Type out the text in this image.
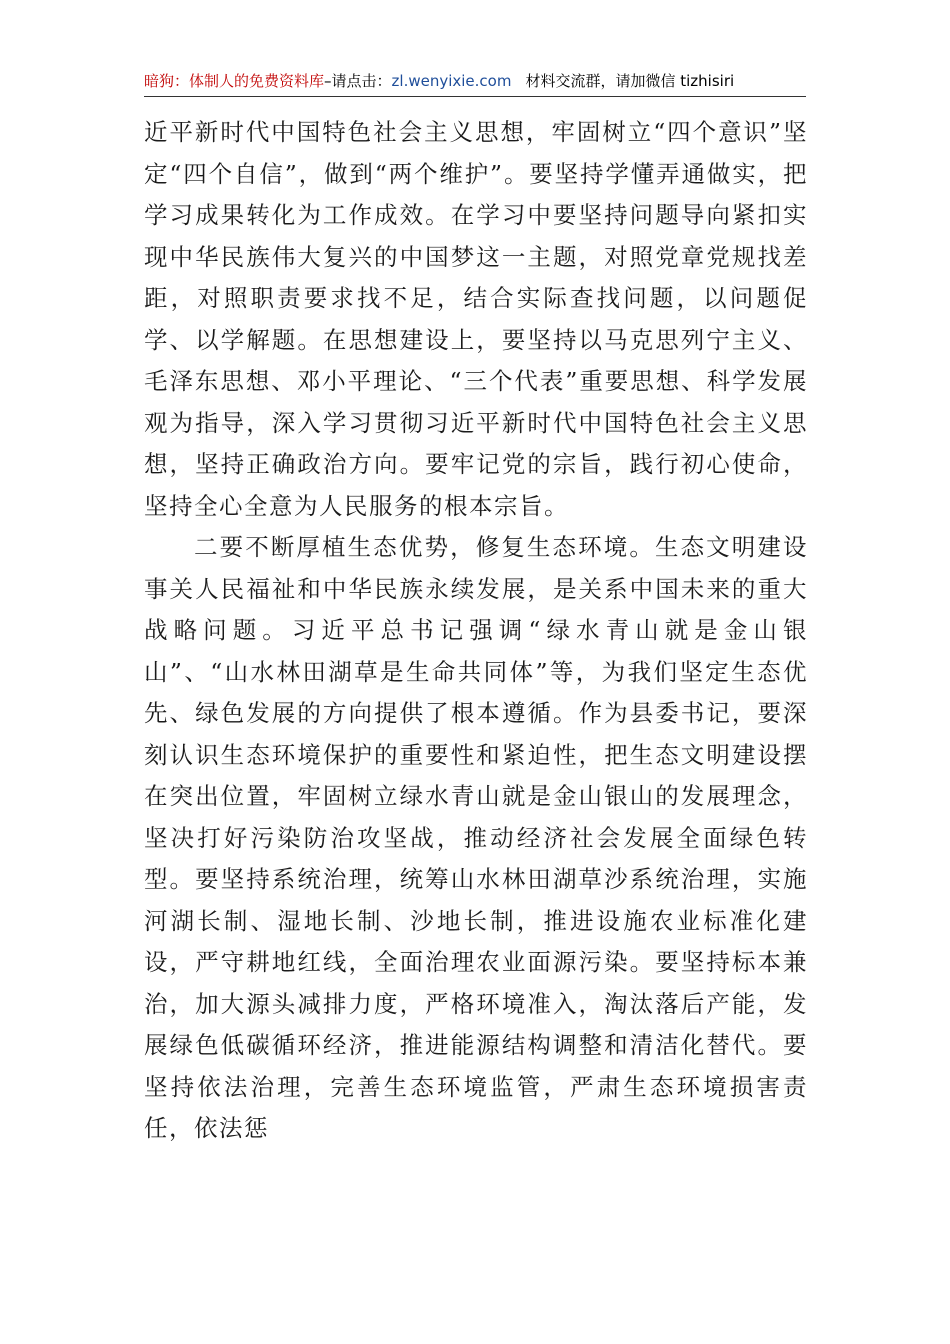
暗狗：体制人的免费资料库–请点击：zl.wenyixie.com 材料交流群，请加微信 tizhisiri

近平新时代中国特色社会主义思想，牢固树立“四个意识”坚定“四个自信”，做到“两个维护”。要坚持学懂弄通做实，把学习成果转化为工作成效。在学习中要坚持问题导向紧扣实现中华民族伟大复兴的中国梦这一主题，对照党章党规找差距，对照职责要求找不足，结合实际查找问题，以问题促学、以学解题。在思想建设上，要坚持以马克思列宁主义、毛泽东思想、邓小平理论、“三个代表”重要思想、科学发展观为指导，深入学习贯彻习近平新时代中国特色社会主义思想，坚持正确政治方向。要牢记党的宗旨，践行初心使命，坚持全心全意为人民服务的根本宗旨。

二要不断厚植生态优势，修复生态环境。生态文明建设事关人民福祉和中华民族永续发展，是关系中国未来的重大战略问题。习近平总书记强调“绿水青山就是金山银山”、“山水林田湖草是生命共同体”等，为我们坚定生态优先、绿色发展的方向提供了根本遵循。作为县委书记，要深刻认识生态环境保护的重要性和紧迫性，把生态文明建设摆在突出位置，牢固树立绿水青山就是金山银山的发展理念，坚决打好污染防治攻坚战，推动经济社会发展全面绿色转型。要坚持系统治理，统筹山水林田湖草沙系统治理，实施河湖长制、湿地长制、沙地长制，推进设施农业标准化建设，严守耕地红线，全面治理农业面源污染。要坚持标本兼治，加大源头减排力度，严格环境准入，淘汰落后产能，发展绿色低碳循环经济，推进能源结构调整和清洁化替代。要坚持依法治理，完善生态环境监管，严肃生态环境损害责任，依法惩
